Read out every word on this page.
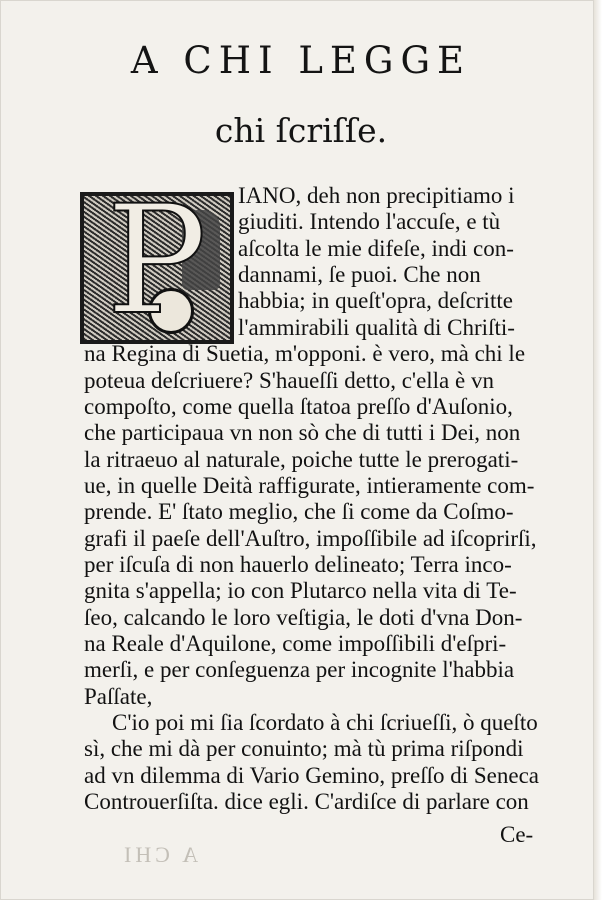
A CHI LEGGE
chi ſcriſſe.
P IANO, deh non precipitiamo i
giuditi. Intendo l'accuſe, e tù
aſcolta le mie difeſe, indi con-
dannami, ſe puoi. Che non
habbia; in queſt'opra, deſcritte
l'ammirabili qualità di Chriſti-
na Regina di Suetia, m'opponi. è vero, mà chi le
poteua deſcriuere? S'haueſſi detto, c'ella è vn
compoſto, come quella ſtatoa preſſo d'Auſonio,
che participaua vn non sò che di tutti i Dei, non
la ritraeuo al naturale, poiche tutte le prerogati-
ue, in quelle Deità raffigurate, intieramente com-
prende. E' ſtato meglio, che ſi come da Coſmo-
grafi il paeſe dell'Auſtro, impoſſibile ad iſcoprirſi,
per iſcuſa di non hauerlo delineato; Terra inco-
gnita s'appella; io con Plutarco nella vita di Te-
ſeo, calcando le loro veſtigia, le doti d'vna Don-
na Reale d'Aquilone, come impoſſibili d'eſpri-
merſi, e per conſeguenza per incognite l'habbia
Paſſate,
C'io poi mi ſia ſcordato à chi ſcriueſſi, ò queſto
sì, che mi dà per conuinto; mà tù prima riſpondi
ad vn dilemma di Vario Gemino, preſſo di Seneca
Controuerſiſta. dice egli. C'ardiſce di parlare con
Ce-
A CHI
